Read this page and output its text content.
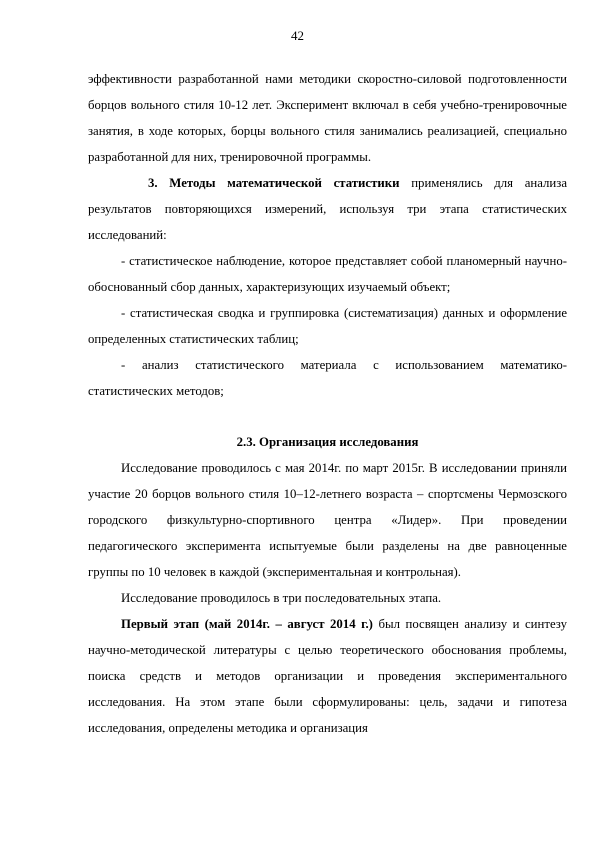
42

эффективности разработанной нами методики скоростно-силовой подготовленности борцов вольного стиля 10-12 лет. Эксперимент включал в себя учебно-тренировочные занятия, в ходе которых, борцы вольного стиля занимались реализацией, специально разработанной для них, тренировочной программы.

3. Методы математической статистики применялись для анализа результатов повторяющихся измерений, используя три этапа статистических исследований:

- статистическое наблюдение, которое представляет собой планомерный научно-обоснованный сбор данных, характеризующих изучаемый объект;

- статистическая сводка и группировка (систематизация) данных и оформление определенных статистических таблиц;

- анализ статистического материала с использованием математико-статистических методов;

2.3. Организация исследования

Исследование проводилось с мая 2014г. по март 2015г. В исследовании приняли участие 20 борцов вольного стиля 10–12-летнего возраста – спортсмены Чермозского городского физкультурно-спортивного центра «Лидер». При проведении педагогического эксперимента испытуемые были разделены на две равноценные группы по 10 человек в каждой (экспериментальная и контрольная).

Исследование проводилось в три последовательных этапа.

Первый этап (май 2014г. – август 2014 г.) был посвящен анализу и синтезу научно-методической литературы с целью теоретического обоснования проблемы, поиска средств и методов организации и проведения экспериментального исследования. На этом этапе были сформулированы: цель, задачи и гипотеза исследования, определены методика и организация
